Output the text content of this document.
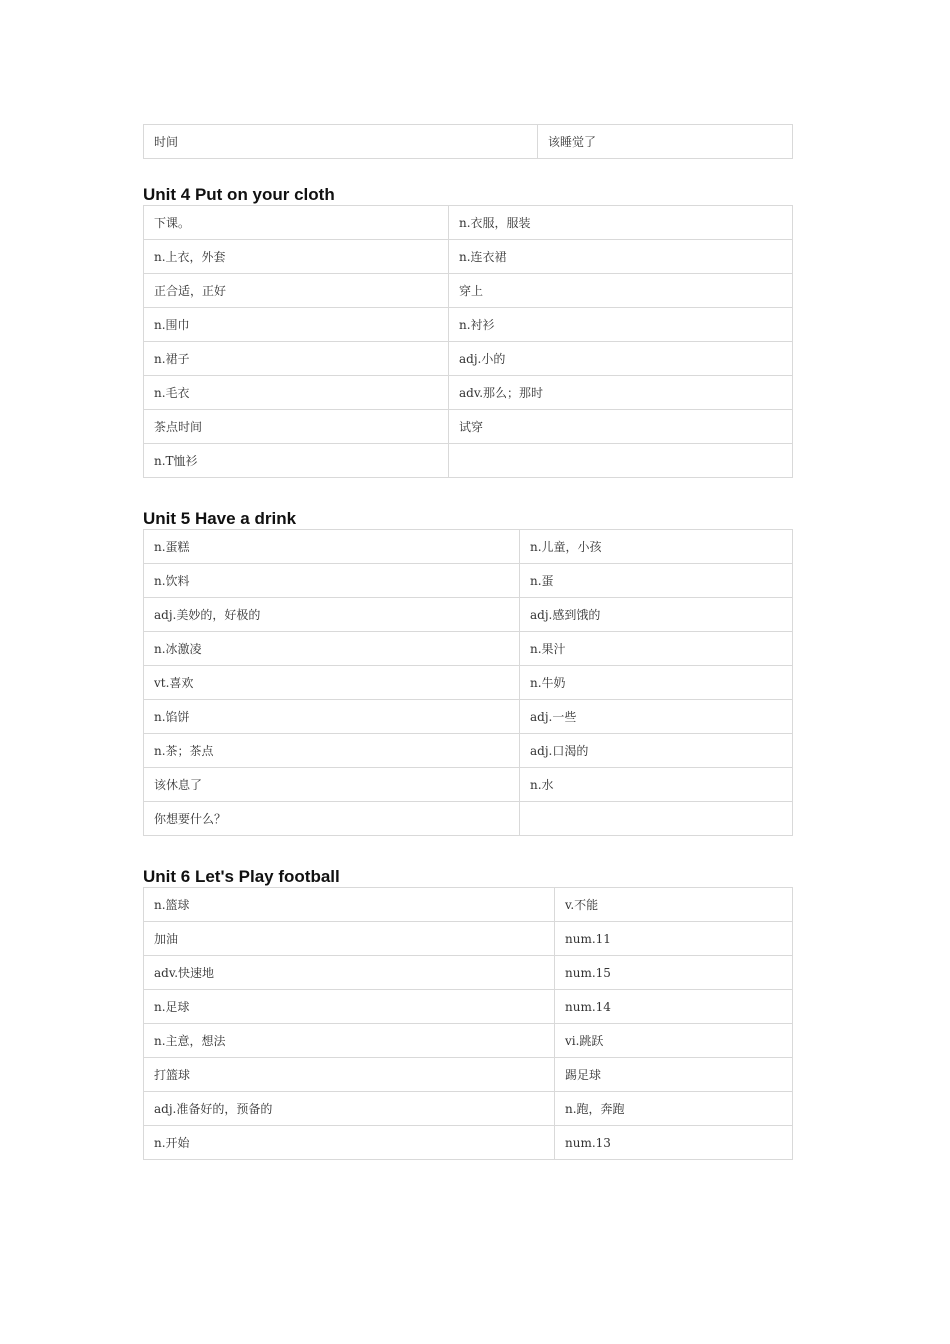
时间	该睡觉了
Unit 4 Put on your cloth
下课。	n.衣服，服装
n.上衣，外套	n.连衣裙
正合适，正好	穿上
n.围巾	n.衬衫
n.裙子	adj.小的
n.毛衣	adv.那么；那时
茶点时间	试穿
n.T恤衫	
Unit 5 Have a drink
n.蛋糕	n.儿童，小孩
n.饮料	n.蛋
adj.美妙的，好极的	adj.感到饿的
n.冰激凌	n.果汁
vt.喜欢	n.牛奶
n.馅饼	adj.一些
n.茶；茶点	adj.口渴的
该休息了	n.水
你想要什么？	
Unit 6 Let's Play football
n.篮球	v.不能
加油	num.11
adv.快速地	num.15
n.足球	num.14
n.主意，想法	vi.跳跃
打篮球	踢足球
adj.准备好的，预备的	n.跑，奔跑
n.开始	num.13
